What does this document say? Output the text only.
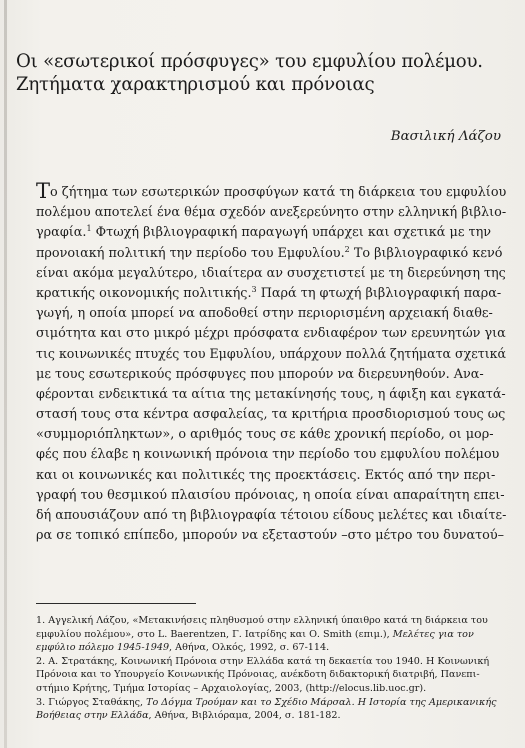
Οι «εσωτερικοί πρόσφυγες» του εμφυλίου πολέμου.
Ζητήματα χαρακτηρισμού και πρόνοιας
Βασιλική Λάζου
Το ζήτημα των εσωτερικών προσφύγων κατά τη διάρκεια του εμφυλίου
πολέμου αποτελεί ένα θέμα σχεδόν ανεξερεύνητο στην ελληνική βιβλιο-
γραφία.$^1$ Φτωχή βιβλιογραφική παραγωγή υπάρχει και σχετικά με την
προνοιακή πολιτική την περίοδο του Εμφυλίου.$^2$ Το βιβλιογραφικό κενό
είναι ακόμα μεγαλύτερο, ιδιαίτερα αν συσχετιστεί με τη διερεύνηση της
κρατικής οικονομικής πολιτικής.$^3$ Παρά τη φτωχή βιβλιογραφική παρα-
γωγή, η οποία μπορεί να αποδοθεί στην περιορισμένη αρχειακή διαθε-
σιμότητα και στο μικρό μέχρι πρόσφατα ενδιαφέρον των ερευνητών για
τις κοινωνικές πτυχές του Εμφυλίου, υπάρχουν πολλά ζητήματα σχετικά
με τους εσωτερικούς πρόσφυγες που μπορούν να διερευνηθούν. Ανα-
φέρονται ενδεικτικά τα αίτια της μετακίνησής τους, η άφιξη και εγκατά-
στασή τους στα κέντρα ασφαλείας, τα κριτήρια προσδιορισμού τους ως
«συμμοριόπληκτων», ο αριθμός τους σε κάθε χρονική περίοδο, οι μορ-
φές που έλαβε η κοινωνική πρόνοια την περίοδο του εμφυλίου πολέμου
και οι κοινωνικές και πολιτικές της προεκτάσεις. Εκτός από την περι-
γραφή του θεσμικού πλαισίου πρόνοιας, η οποία είναι απαραίτητη επει-
δή απουσιάζουν από τη βιβλιογραφία τέτοιου είδους μελέτες και ιδιαίτε-
ρα σε τοπικό επίπεδο, μπορούν να εξεταστούν –στο μέτρο του δυνατού–

1. Αγγελική Λάζου, «Μετακινήσεις πληθυσμού στην ελληνική ύπαιθρο κατά τη διάρκεια του
εμφυλίου πολέμου», στο L. Baerentzen, Γ. Ιατρίδης και Ο. Smith (επιμ.), Μελέτες για τον
εμφύλιο πόλεμο 1945-1949, Αθήνα, Ολκός, 1992, σ. 67-114.

2. Α. Στρατάκης, Κοινωνική Πρόνοια στην Ελλάδα κατά τη δεκαετία του 1940. Η Κοινωνική
Πρόνοια και το Υπουργείο Κοινωνικής Πρόνοιας, ανέκδοτη διδακτορική διατριβή, Πανεπι-
στήμιο Κρήτης, Τμήμα Ιστορίας – Αρχαιολογίας, 2003, (http://elocus.lib.uoc.gr).

3. Γιώργος Σταθάκης, Το Δόγμα Τρούμαν και το Σχέδιο Μάρσαλ. Η Ιστορία της Αμερικανικής
Βοήθειας στην Ελλάδα, Αθήνα, Βιβλιόραμα, 2004, σ. 181-182.
